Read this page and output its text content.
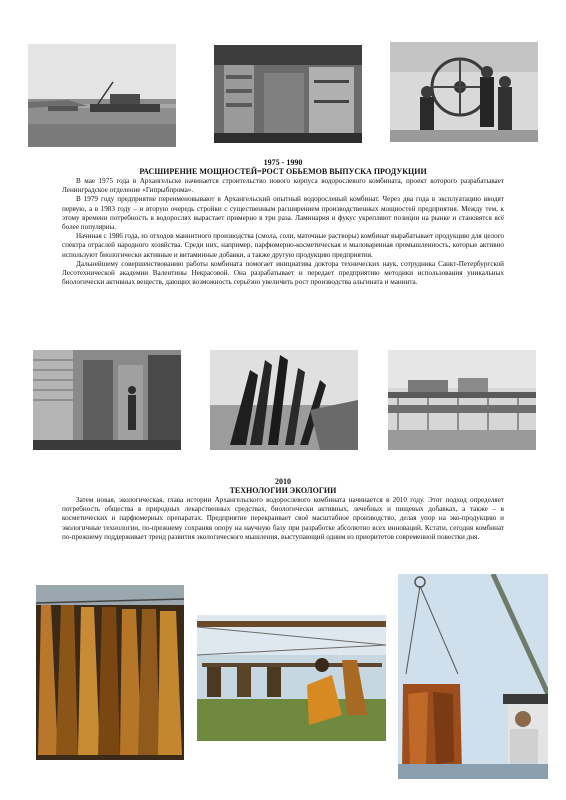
1975 - 1990
РАСШИРЕНИЕ МОЩНОСТЕЙ=РОСТ ОБЬЕМОВ ВЫПУСКА ПРОДУКЦИИ

В мае 1975 года в Архангельске начинается строительство нового корпуса водорослевого комбината, проект которого разрабатывает Ленинградское отделение «Гипрыбпрома».

В 1979 году предприятие переименовывают в Архангельский опытный водорослевый комбинат. Через два года в эксплуатацию вводят первую, а в 1983 году – и вторую очередь стройки с существенным расширением производственных мощностей предприятия. Между тем, к этому времени потребность в водорослях вырастает примерно в три раза. Ламинария и фукус укрепляют позиции на рынке и становятся всё более популярны.

Начиная с 1986 года, из отходов маннитного производства (смола, соли, маточные растворы) комбинат вырабатывает продукцию для целого спектра отраслей народного хозяйства. Среди них, например, парфюмерно-косметическая и мыловаренная промышленность, которые активно используют биологически активные и витаминные добавки, а также другую продукцию предприятия.

Дальнейшему совершенствованию работы комбината помогает инициатива доктора технических наук, сотрудника Санкт-Петербургской Лесотехнической академии Валентины Некрасовой. Она разрабатывает и передает предприятию методики использования уникальных биологически активных веществ, дающих возможность серьёзно увеличить рост производства альгината и маннита.

2010
ТЕХНОЛОГИИ ЭКОЛОГИИ

Затем новая, экологическая, глава истории Архангельского водорослевого комбината начинается в 2010 году. Этот подход определяет потребность общества в природных лекарственных средствах, биологически активных, лечебных и пищевых добавках, а также – в косметических и парфюмерных препаратах. Предприятие перекраивает своё масштабное производство, делая упор на эко-продукцию и экологичные технологии, по-прежнему сохраняя опору на научную базу при разработке абсолютно всех инноваций. Кстати, сегодня комбинат по-прежнему поддерживает тренд развития экологического мышления, выступающий одним из приоритетов современной повестки дня.
